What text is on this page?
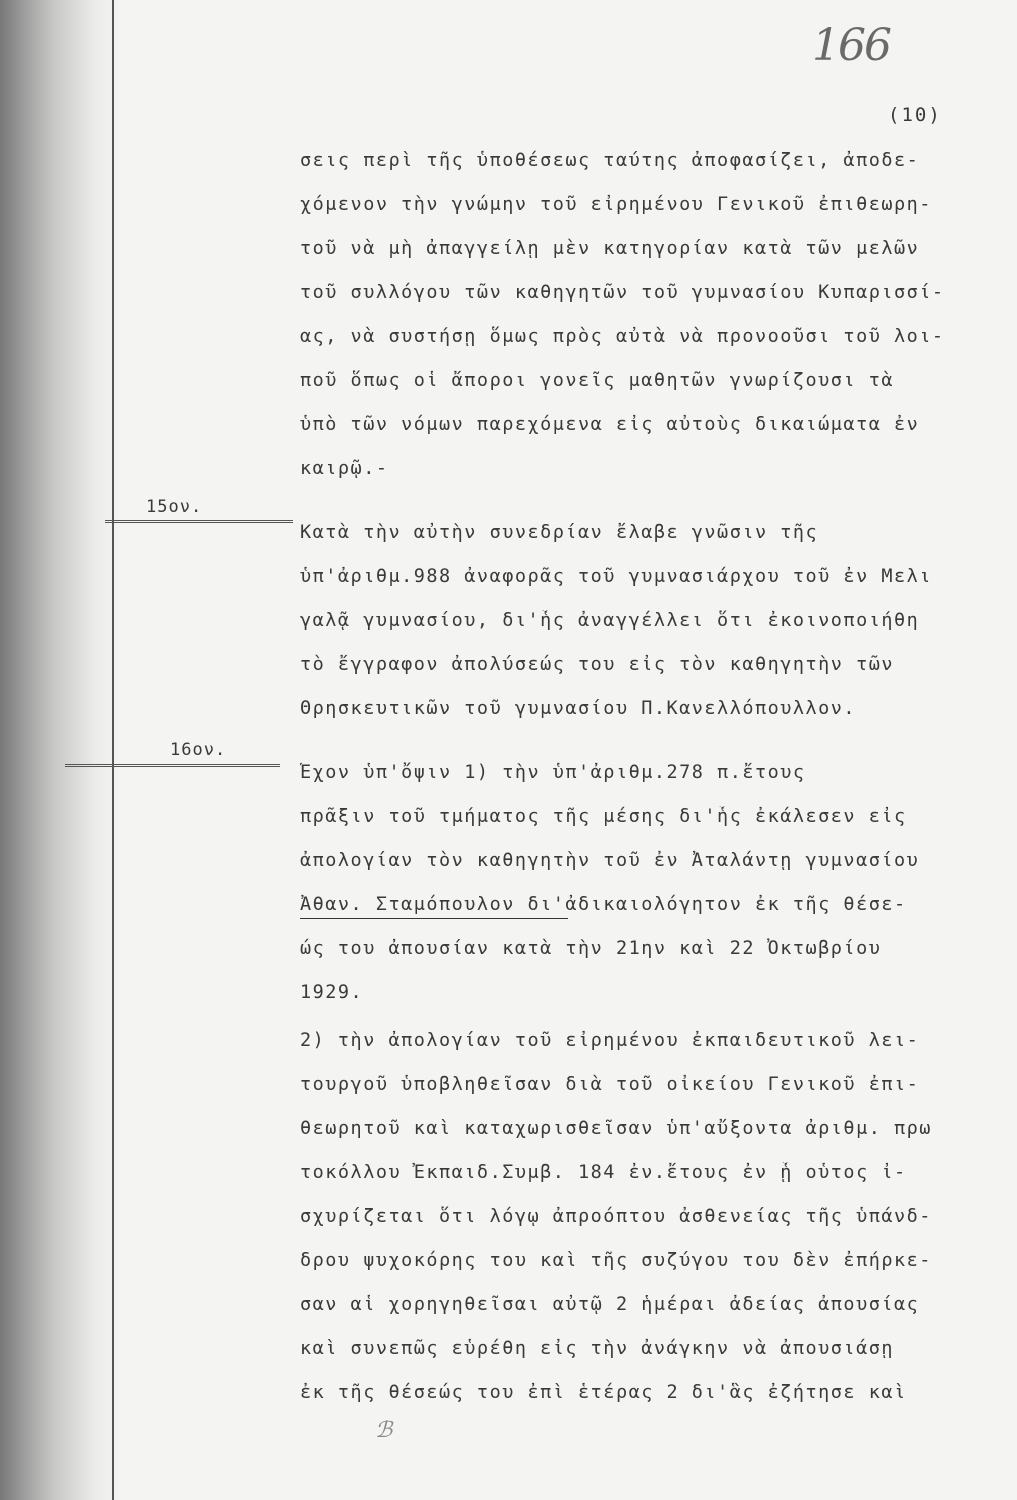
166
(10)
15ον.
16ον.
σεις περὶ τῆς ὑποθέσεως ταύτης ἀποφασίζει, ἀποδε-
χόμενον τὴν γνώμην τοῦ εἰρημένου Γενικοῦ ἐπιθεωρη-
τοῦ νὰ μὴ ἀπαγγείλῃ μὲν κατηγορίαν κατὰ τῶν μελῶν
τοῦ συλλόγου τῶν καθηγητῶν τοῦ γυμνασίου Κυπαρισσί-
ας, νὰ συστήσῃ ὅμως πρὸς αὐτὰ νὰ προνοοῦσι τοῦ λοι-
ποῦ ὅπως οἱ ἄποροι γονεῖς μαθητῶν γνωρίζουσι τὰ
ὑπὸ τῶν νόμων παρεχόμενα εἰς αὐτοὺς δικαιώματα ἐν
καιρῷ.-
Κατὰ τὴν αὐτὴν συνεδρίαν ἔλαβε γνῶσιν τῆς
ὑπ'ἀριθμ.988 ἀναφορᾶς τοῦ γυμνασιάρχου τοῦ ἐν Μελι
γαλᾷ γυμνασίου, δι'ἧς ἀναγγέλλει ὅτι ἐκοινοποιήθη
τὸ ἔγγραφον ἀπολύσεώς του εἰς τὸν καθηγητὴν τῶν
Θρησκευτικῶν τοῦ γυμνασίου Π.Κανελλόπουλλον.
Ἔχον ὑπ'ὄψιν 1) τὴν ὑπ'ἀριθμ.278 π.ἔτους
πρᾶξιν τοῦ τμήματος τῆς μέσης δι'ἧς ἐκάλεσεν εἰς
ἀπολογίαν τὸν καθηγητὴν τοῦ ἐν Ἀταλάντῃ γυμνασίου
Ἀθαν. Σταμόπουλον δι'ἀδικαιολόγητον ἐκ τῆς θέσε-
ώς του ἀπουσίαν κατὰ τὴν 21ην καὶ 22 Ὀκτωβρίου
1929.
2) τὴν ἀπολογίαν τοῦ εἰρημένου ἐκπαιδευτικοῦ λει-
τουργοῦ ὑποβληθεῖσαν διὰ τοῦ οἰκείου Γενικοῦ ἐπι-
θεωρητοῦ καὶ καταχωρισθεῖσαν ὑπ'αὔξοντα ἀριθμ. πρω
τοκόλλου Ἐκπαιδ.Συμβ. 184 ἐν.ἔτους ἐν ᾗ οὗτος ἰ-
σχυρίζεται ὅτι λόγῳ ἀπροόπτου ἀσθενείας τῆς ὑπάνδ-
δρου ψυχοκόρης του καὶ τῆς συζύγου του δὲν ἐπήρκε-
σαν αἱ χορηγηθεῖσαι αὐτῷ 2 ἡμέραι ἀδείας ἀπουσίας
καὶ συνεπῶς εὑρέθη εἰς τὴν ἀνάγκην νὰ ἀπουσιάσῃ
ἐκ τῆς θέσεώς του ἐπὶ ἑτέρας 2 δι'ἃς ἐζήτησε καὶ
ℬ
